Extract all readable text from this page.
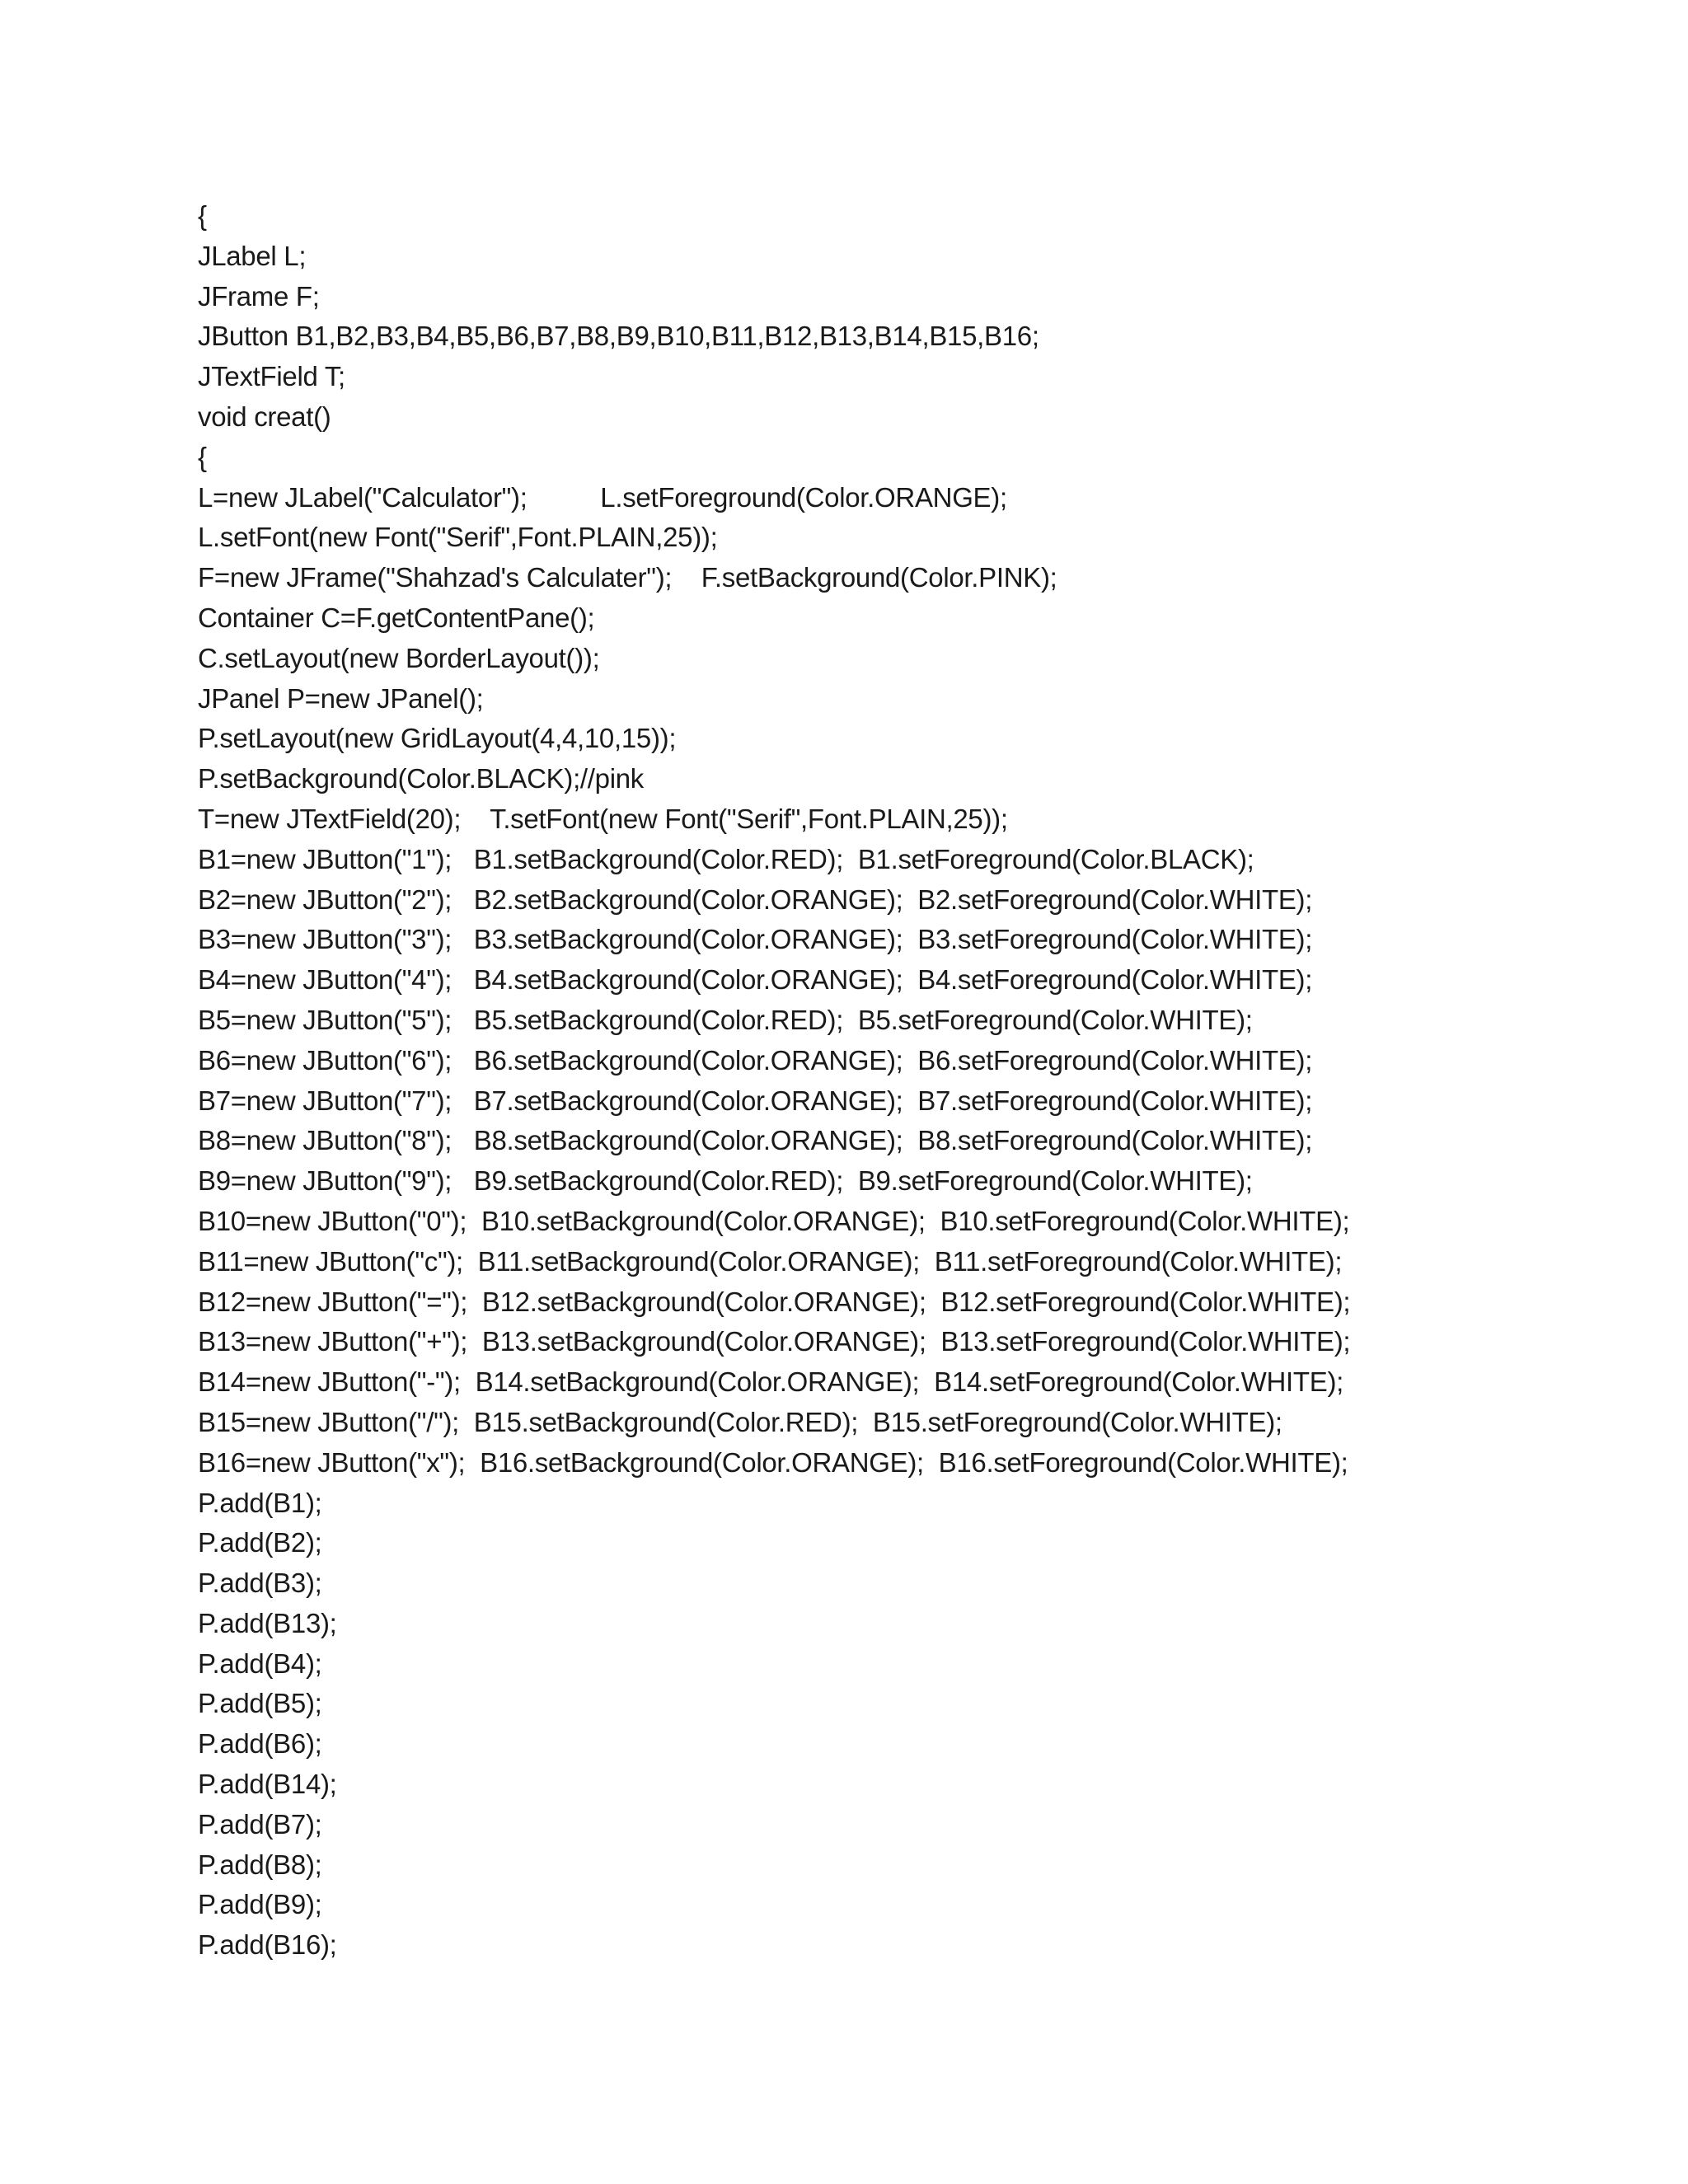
{
JLabel L;
JFrame F;
JButton B1,B2,B3,B4,B5,B6,B7,B8,B9,B10,B11,B12,B13,B14,B15,B16;
JTextField T;
void creat()
{
L=new JLabel("Calculator");          L.setForeground(Color.ORANGE);
L.setFont(new Font("Serif",Font.PLAIN,25));
F=new JFrame("Shahzad's Calculater");    F.setBackground(Color.PINK);
Container C=F.getContentPane();
C.setLayout(new BorderLayout());
JPanel P=new JPanel();
P.setLayout(new GridLayout(4,4,10,15));
P.setBackground(Color.BLACK);//pink
T=new JTextField(20);    T.setFont(new Font("Serif",Font.PLAIN,25));
B1=new JButton("1");   B1.setBackground(Color.RED);  B1.setForeground(Color.BLACK);
B2=new JButton("2");   B2.setBackground(Color.ORANGE);  B2.setForeground(Color.WHITE);
B3=new JButton("3");   B3.setBackground(Color.ORANGE);  B3.setForeground(Color.WHITE);
B4=new JButton("4");   B4.setBackground(Color.ORANGE);  B4.setForeground(Color.WHITE);
B5=new JButton("5");   B5.setBackground(Color.RED);  B5.setForeground(Color.WHITE);
B6=new JButton("6");   B6.setBackground(Color.ORANGE);  B6.setForeground(Color.WHITE);
B7=new JButton("7");   B7.setBackground(Color.ORANGE);  B7.setForeground(Color.WHITE);
B8=new JButton("8");   B8.setBackground(Color.ORANGE);  B8.setForeground(Color.WHITE);
B9=new JButton("9");   B9.setBackground(Color.RED);  B9.setForeground(Color.WHITE);
B10=new JButton("0");  B10.setBackground(Color.ORANGE);  B10.setForeground(Color.WHITE);
B11=new JButton("c");  B11.setBackground(Color.ORANGE);  B11.setForeground(Color.WHITE);
B12=new JButton("=");  B12.setBackground(Color.ORANGE);  B12.setForeground(Color.WHITE);
B13=new JButton("+");  B13.setBackground(Color.ORANGE);  B13.setForeground(Color.WHITE);
B14=new JButton("-");  B14.setBackground(Color.ORANGE);  B14.setForeground(Color.WHITE);
B15=new JButton("/");  B15.setBackground(Color.RED);  B15.setForeground(Color.WHITE);
B16=new JButton("x");  B16.setBackground(Color.ORANGE);  B16.setForeground(Color.WHITE);
P.add(B1);
P.add(B2);
P.add(B3);
P.add(B13);
P.add(B4);
P.add(B5);
P.add(B6);
P.add(B14);
P.add(B7);
P.add(B8);
P.add(B9);
P.add(B16);
